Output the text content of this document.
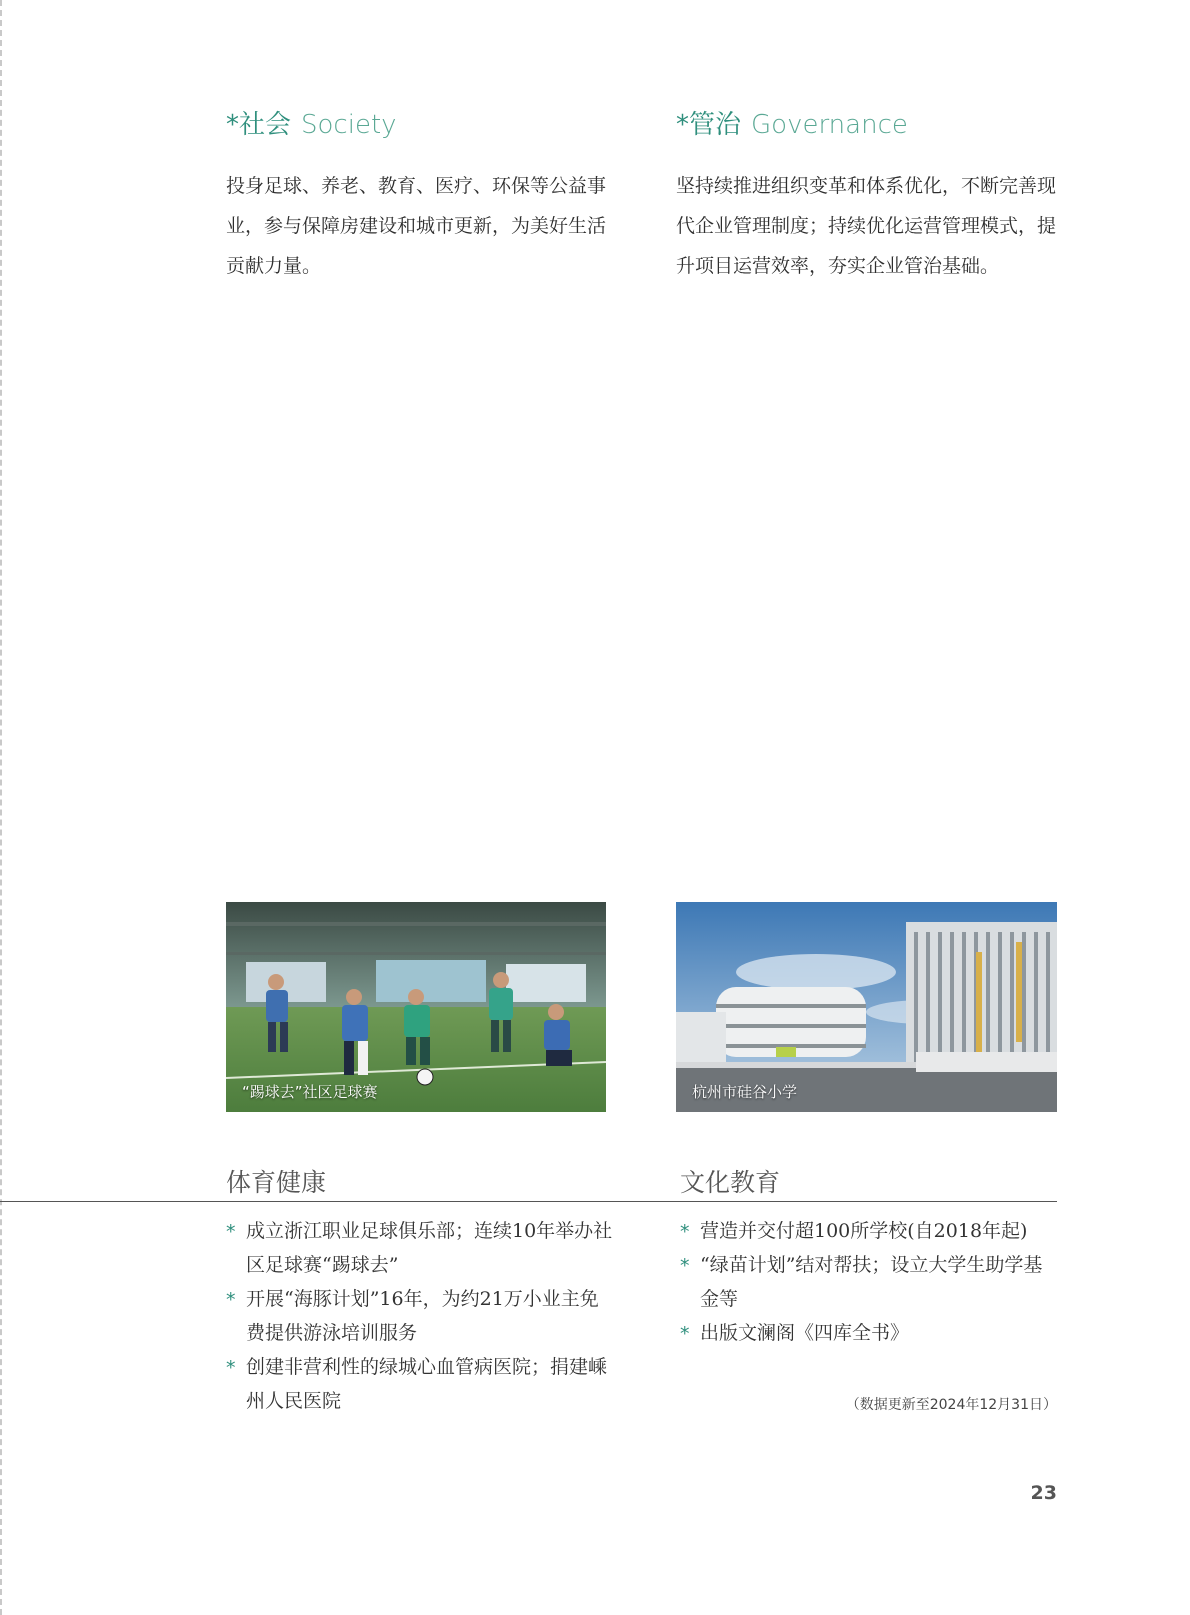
*社会 Society

投身足球、养老、教育、医疗、环保等公益事业，参与保障房建设和城市更新，为美好生活贡献力量。

*管治 Governance

坚持续推进组织变革和体系优化，不断完善现代企业管理制度；持续优化运营管理模式，提升项目运营效率，夯实企业管治基础。

“踢球去”社区足球赛	杭州市硅谷小学
体育健康	文化教育
* 成立浙江职业足球俱乐部；连续10年举办社区足球赛“踢球去”
* 开展“海豚计划”16年，为约21万小业主免费提供游泳培训服务
* 创建非营利性的绿城心血管病医院；捐建嵊州人民医院
* 营造并交付超100所学校(自2018年起)
* “绿苗计划”结对帮扶；设立大学生助学基金等
* 出版文澜阁《四库全书》
（数据更新至2024年12月31日）
23
